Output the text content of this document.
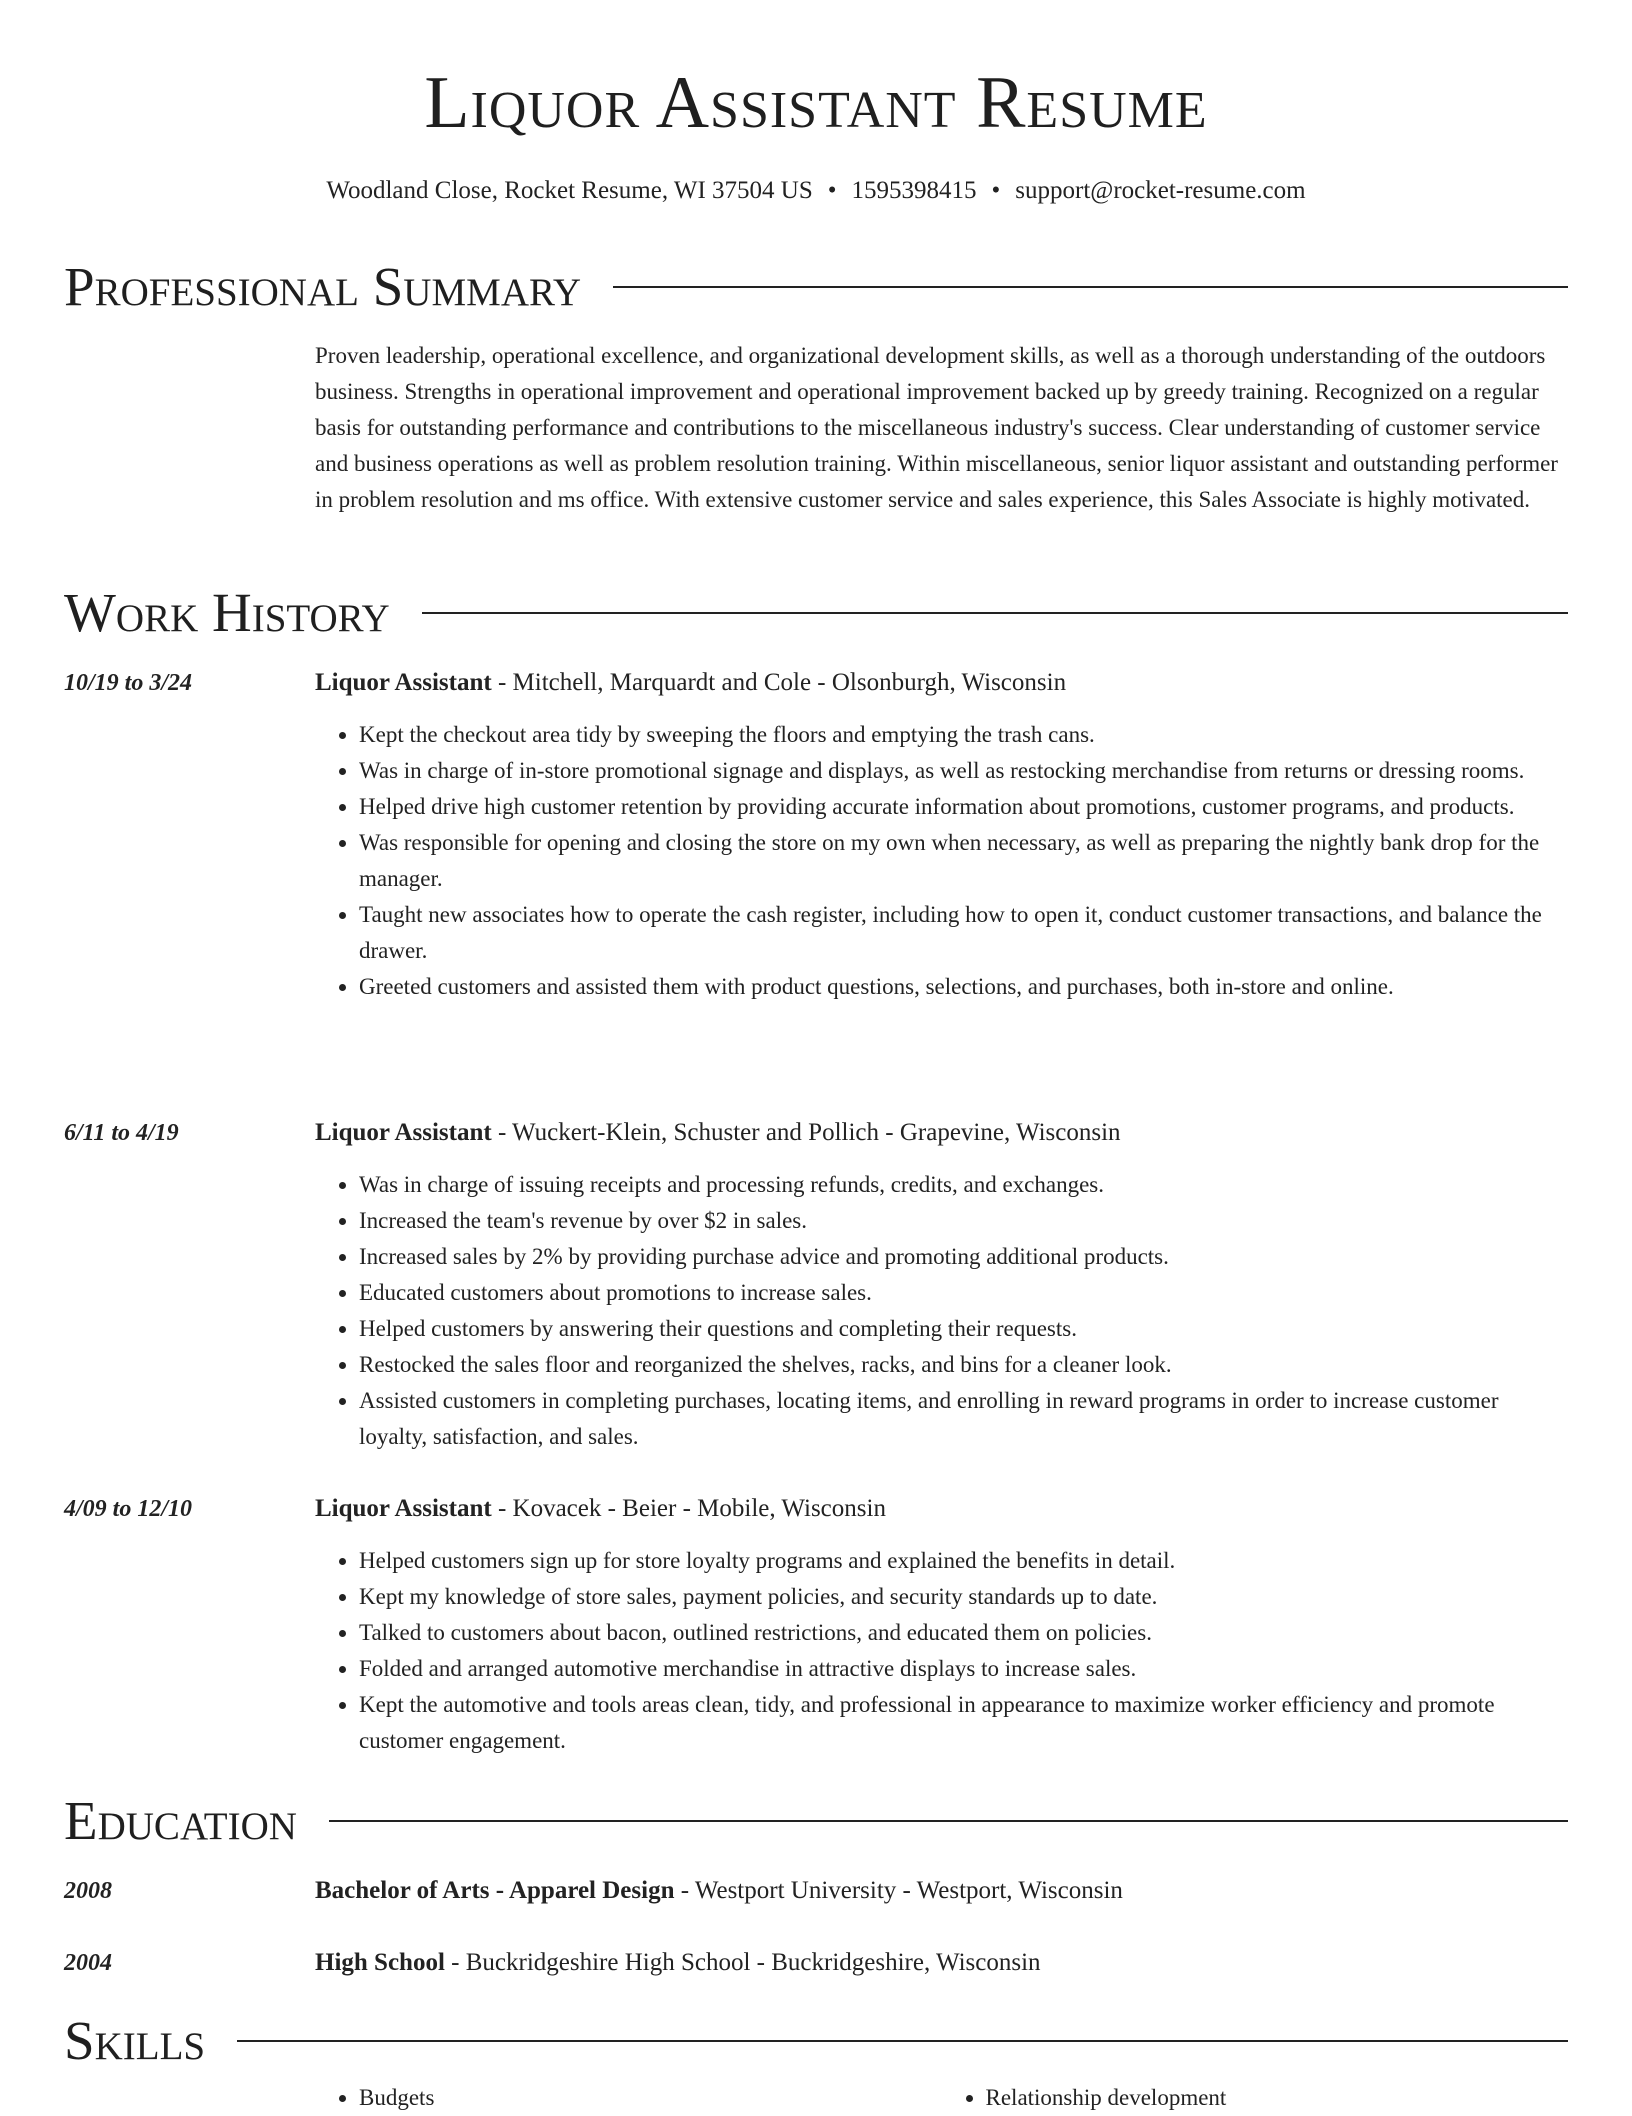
Liquor Assistant Resume
Woodland Close, Rocket Resume, WI 37504 US • 1595398415 • support@rocket-resume.com
Professional Summary

Proven leadership, operational excellence, and organizational development skills, as well as a thorough understanding of the outdoors business. Strengths in operational improvement and operational improvement backed up by greedy training. Recognized on a regular basis for outstanding performance and contributions to the miscellaneous industry's success. Clear understanding of customer service and business operations as well as problem resolution training. Within miscellaneous, senior liquor assistant and outstanding performer in problem resolution and ms office. With extensive customer service and sales experience, this Sales Associate is highly motivated.

Work History
10/19 to 3/24	Liquor Assistant - Mitchell, Marquardt and Cole - Olsonburgh, Wisconsin
• Kept the checkout area tidy by sweeping the floors and emptying the trash cans.
• Was in charge of in-store promotional signage and displays, as well as restocking merchandise from returns or dressing rooms.
• Helped drive high customer retention by providing accurate information about promotions, customer programs, and products.
• Was responsible for opening and closing the store on my own when necessary, as well as preparing the nightly bank drop for the manager.
• Taught new associates how to operate the cash register, including how to open it, conduct customer transactions, and balance the drawer.
• Greeted customers and assisted them with product questions, selections, and purchases, both in-store and online.
6/11 to 4/19	Liquor Assistant - Wuckert-Klein, Schuster and Pollich - Grapevine, Wisconsin
• Was in charge of issuing receipts and processing refunds, credits, and exchanges.
• Increased the team's revenue by over $2 in sales.
• Increased sales by 2% by providing purchase advice and promoting additional products.
• Educated customers about promotions to increase sales.
• Helped customers by answering their questions and completing their requests.
• Restocked the sales floor and reorganized the shelves, racks, and bins for a cleaner look.
• Assisted customers in completing purchases, locating items, and enrolling in reward programs in order to increase customer loyalty, satisfaction, and sales.
4/09 to 12/10	Liquor Assistant - Kovacek - Beier - Mobile, Wisconsin
• Helped customers sign up for store loyalty programs and explained the benefits in detail.
• Kept my knowledge of store sales, payment policies, and security standards up to date.
• Talked to customers about bacon, outlined restrictions, and educated them on policies.
• Folded and arranged automotive merchandise in attractive displays to increase sales.
• Kept the automotive and tools areas clean, tidy, and professional in appearance to maximize worker efficiency and promote customer engagement.
Education
2008	Bachelor of Arts - Apparel Design - Westport University - Westport, Wisconsin
2004	High School - Buckridgeshire High School - Buckridgeshire, Wisconsin
Skills
• Budgets
•	Relationship development
